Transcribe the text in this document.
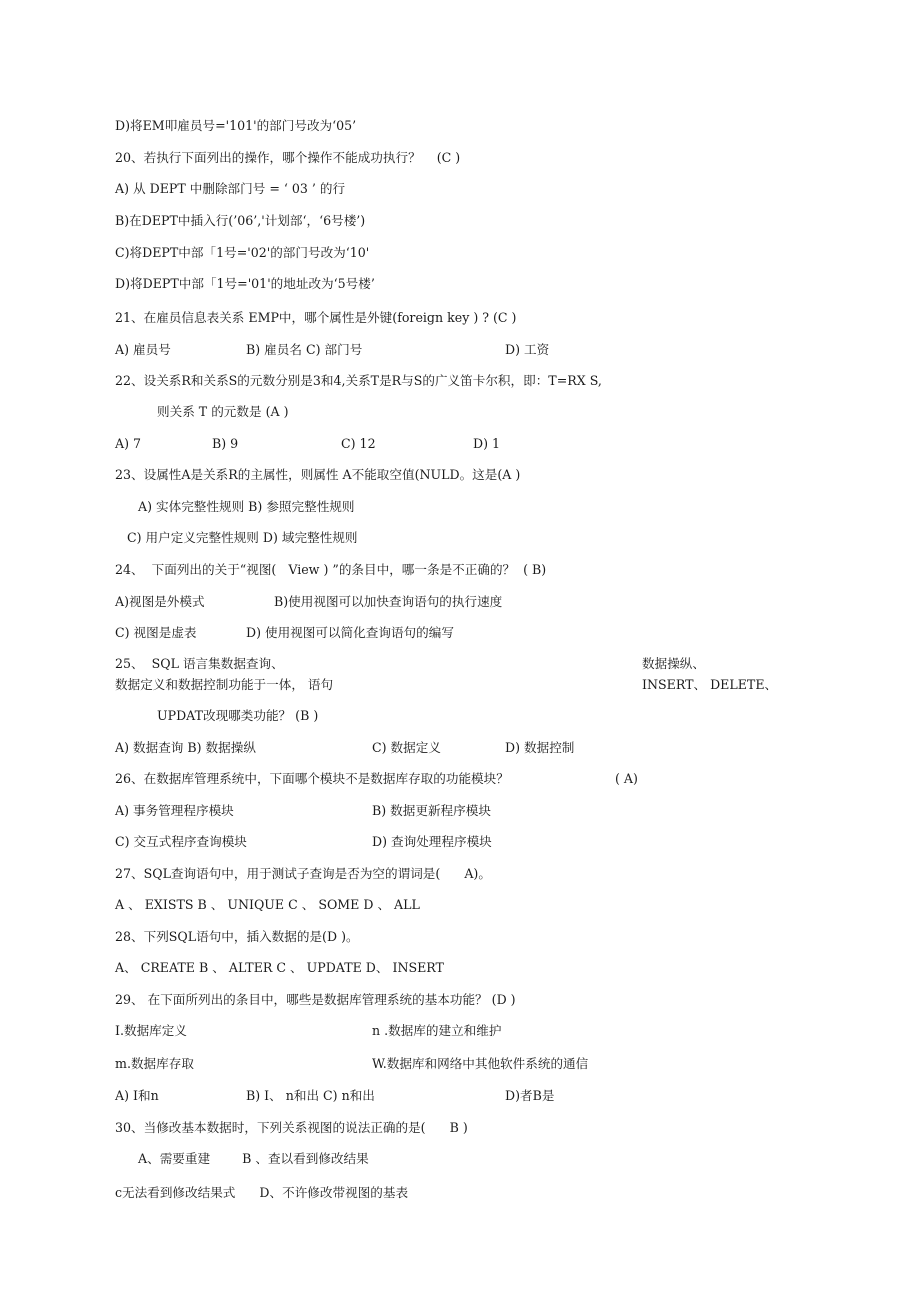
D)将EM叩雇员号='101'的部门号改为‘05’
20、若执行下面列出的操作，哪个操作不能成功执行？    (C )
A) 从 DEPT 中删除部门号 = ‘ 03 ’ 的行
B)在DEPT中插入行(’06’,'计划部‘，‘6号楼’)
C)将DEPT中部「1号='02'的部门号改为‘10'
D)将DEPT中部「1号='01'的地址改为‘5号楼’
21、在雇员信息表关系 EMP中，哪个属性是外键(foreign key ) ? (C )
A) 雇员号	B) 雇员名 C) 部门号	D) 工资
22、设关系R和关系S的元数分别是3和4,关系T是R与S的广义笛卡尔积，即：T=RX S,
则关系 T 的元数是 (A )
A) 7	B) 9	C) 12	D) 1
23、设属性A是关系R的主属性，则属性 A不能取空值(NULD。这是(A )
A) 实体完整性规则 B) 参照完整性规则
C) 用户定义完整性规则 D) 域完整性规则
24、  下面列出的关于“视图(   View ) ”的条目中，哪一条是不正确的？  ( B)
A)视图是外模式	B)使用视图可以加快查询语句的执行速度
C) 视图是虚表	D) 使用视图可以简化查询语句的编写
25、  SQL 语言集数据查询、	数据操纵、
数据定义和数据控制功能于一体， 语句	INSERT、 DELETE、
UPDAT改现哪类功能？ (B )
A) 数据查询 B) 数据操纵	C) 数据定义	D) 数据控制
26、在数据库管理系统中，下面哪个模块不是数据库存取的功能模块？	( A)
A) 事务管理程序模块	B) 数据更新程序模块
C) 交互式程序查询模块	D) 查询处理程序模块
27、SQL查询语句中，用于测试子查询是否为空的谓词是(      A)。
A 、 EXISTS B 、 UNIQUE C 、 SOME D 、 ALL
28、下列SQL语句中，插入数据的是(D )。
A、 CREATE B 、 ALTER C 、 UPDATE D、 INSERT
29、 在下面所列出的条目中，哪些是数据库管理系统的基本功能？ (D )
I.数据库定义	n .数据库的建立和维护
m.数据库存取	W.数据库和网络中其他软件系统的通信
A) I和n	B) I、 n和出 C) n和出	D)者B是
30、当修改基本数据时，下列关系视图的说法正确的是(      B )
A、需要重建        B 、查以看到修改结果
c无法看到修改结果式      D、不许修改带视图的基表
